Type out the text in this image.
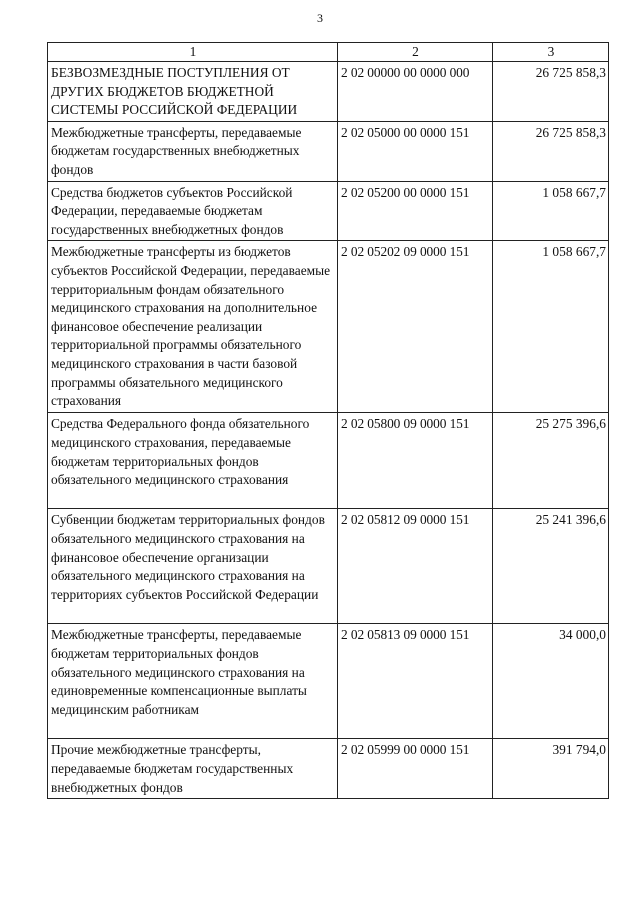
3
1	2	3
БЕЗВОЗМЕЗДНЫЕ ПОСТУПЛЕНИЯ ОТ ДРУГИХ БЮДЖЕТОВ БЮДЖЕТНОЙ СИСТЕМЫ РОССИЙСКОЙ ФЕДЕРАЦИИ	2 02 00000 00 0000 000	26 725 858,3
Межбюджетные трансферты, передаваемые бюджетам государственных внебюджетных фондов	2 02 05000 00 0000 151	26 725 858,3
Средства бюджетов субъектов Российской Федерации, передаваемые бюджетам государственных внебюджетных фондов	2 02 05200 00 0000 151	1 058 667,7
Межбюджетные трансферты из бюджетов субъектов Российской Федерации, передаваемые территориальным фондам обязательного медицинского страхования на дополнительное финансовое обеспечение реализации территориальной программы обязательного медицинского страхования в части базовой программы обязательного медицинского страхования	2 02 05202 09 0000 151	1 058 667,7
Средства Федерального фонда обязательного медицинского страхования, передаваемые бюджетам территориальных фондов обязательного медицинского страхования	2 02 05800 09 0000 151	25 275 396,6
Субвенции бюджетам территориальных фондов обязательного медицинского страхования на финансовое обеспечение организации обязательного медицинского страхования на территориях субъектов Российской Федерации	2 02 05812 09 0000 151	25 241 396,6
Межбюджетные трансферты, передаваемые бюджетам территориальных фондов обязательного медицинского страхования на единовременные компенсационные выплаты медицинским работникам	2 02 05813 09 0000 151	34 000,0
Прочие межбюджетные трансферты, передаваемые бюджетам государственных внебюджетных фондов	2 02 05999 00 0000 151	391 794,0
